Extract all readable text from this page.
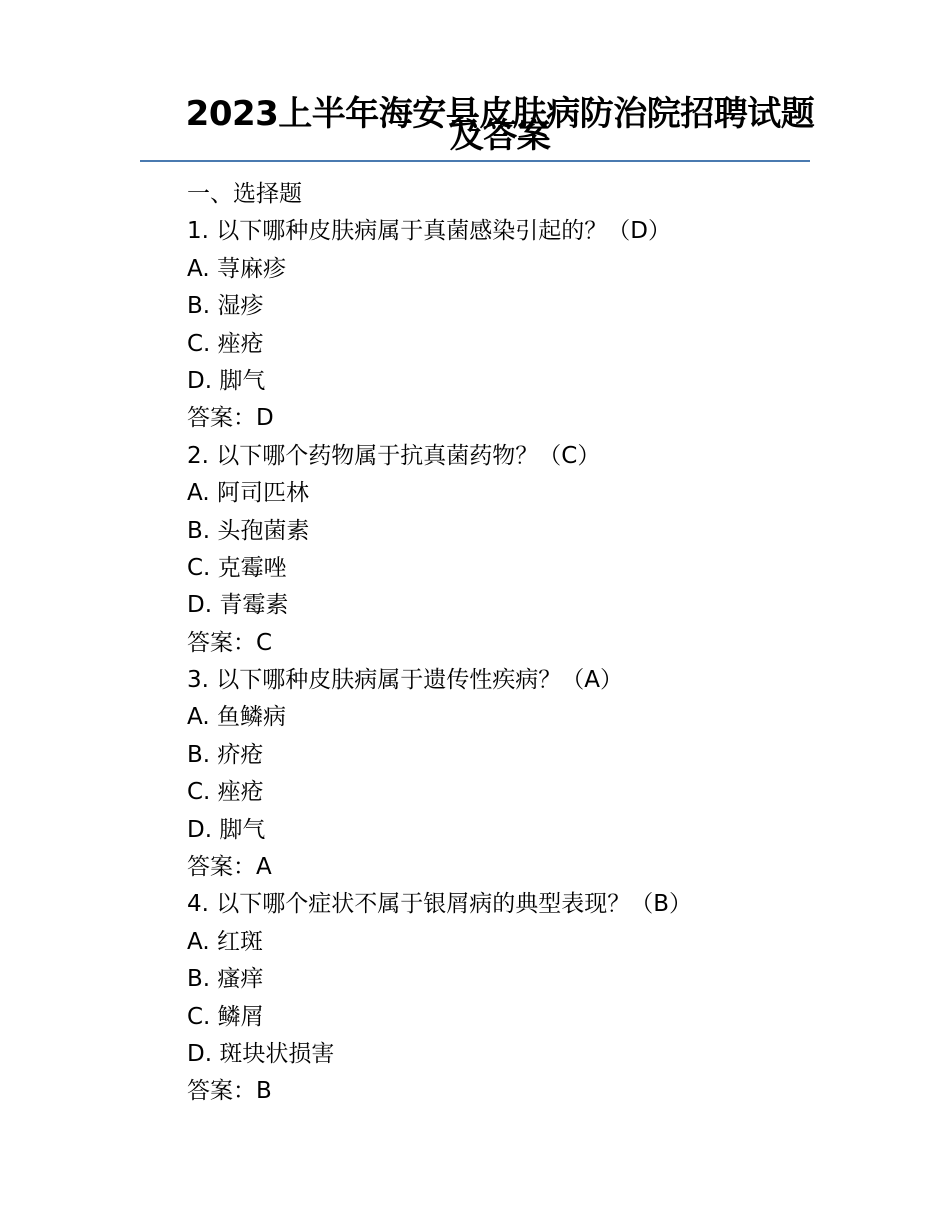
2023上半年海安县皮肤病防治院招聘试题及答案
一、选择题
1. 以下哪种皮肤病属于真菌感染引起的？（D）
A. 荨麻疹
B. 湿疹
C. 痤疮
D. 脚气
答案：D
2. 以下哪个药物属于抗真菌药物？（C）
A. 阿司匹林
B. 头孢菌素
C. 克霉唑
D. 青霉素
答案：C
3. 以下哪种皮肤病属于遗传性疾病？（A）
A. 鱼鳞病
B. 疥疮
C. 痤疮
D. 脚气
答案：A
4. 以下哪个症状不属于银屑病的典型表现？（B）
A. 红斑
B. 瘙痒
C. 鳞屑
D. 斑块状损害
答案：B
